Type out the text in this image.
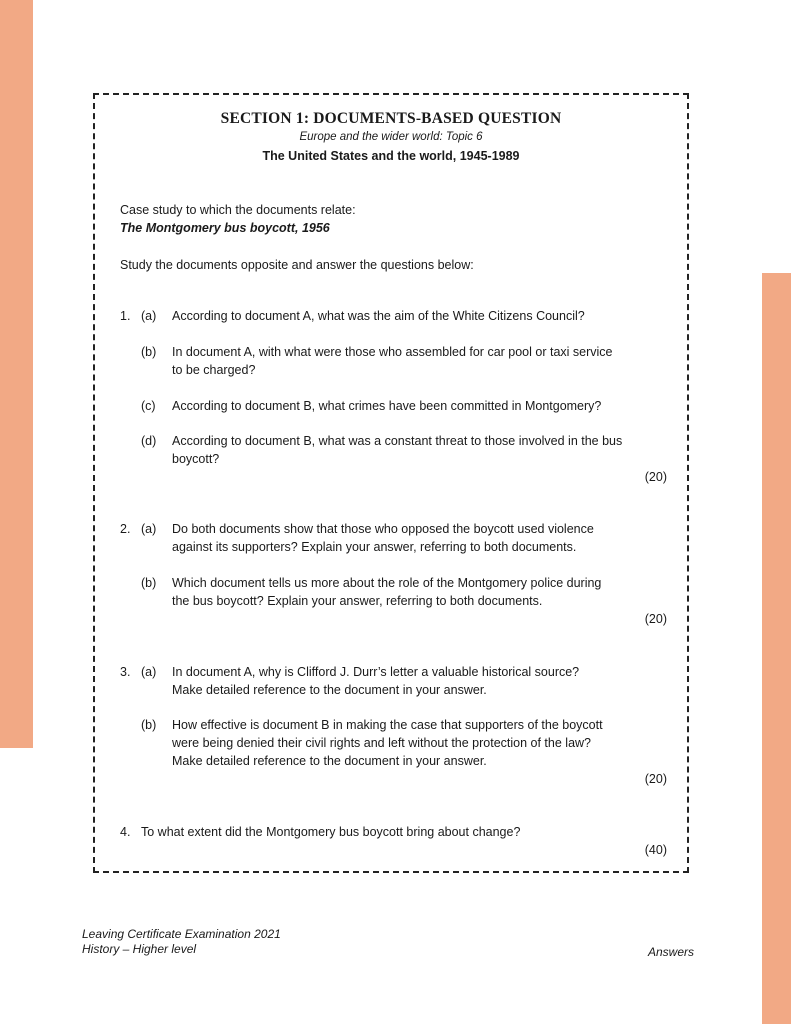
SECTION 1: DOCUMENTS-BASED QUESTION
Europe and the wider world: Topic 6
The United States and the world, 1945-1989
Case study to which the documents relate:
The Montgomery bus boycott, 1956
Study the documents opposite and answer the questions below:
1. (a) According to document A, what was the aim of the White Citizens Council?
(b) In document A, with what were those who assembled for car pool or taxi service
to be charged?
(c) According to document B, what crimes have been committed in Montgomery?
(d) According to document B, what was a constant threat to those involved in the bus
boycott?
(20)
2. (a) Do both documents show that those who opposed the boycott used violence
against its supporters? Explain your answer, referring to both documents.
(b) Which document tells us more about the role of the Montgomery police during
the bus boycott? Explain your answer, referring to both documents.
(20)
3. (a) In document A, why is Clifford J. Durr’s letter a valuable historical source?
Make detailed reference to the document in your answer.
(b) How effective is document B in making the case that supporters of the boycott
were being denied their civil rights and left without the protection of the law?
Make detailed reference to the document in your answer.
(20)
4. To what extent did the Montgomery bus boycott bring about change?
(40)
Leaving Certificate Examination 2021
History – Higher level	Answers
